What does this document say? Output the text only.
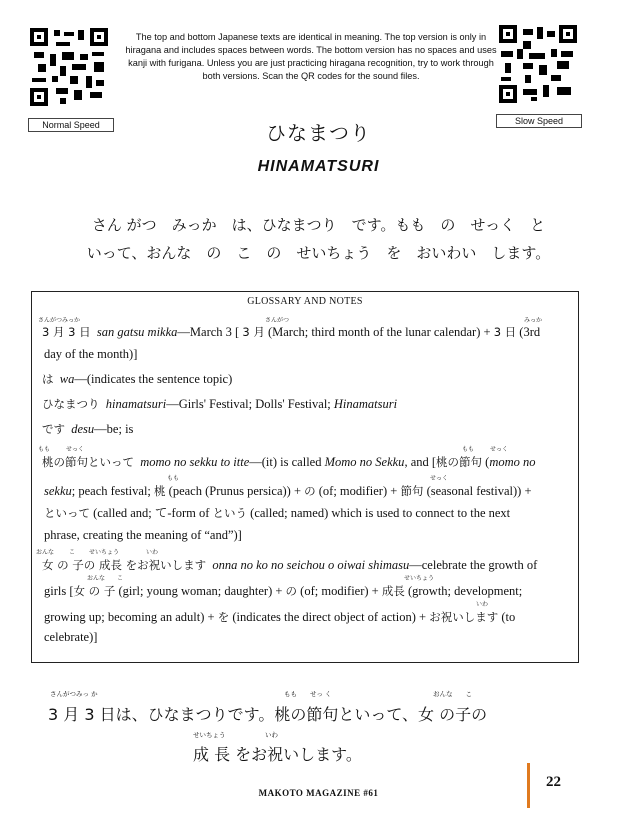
Normal Speed	Slow Speed
The top and bottom Japanese texts are identical in meaning. The top version is only in hiragana and includes spaces between words. The bottom version has no spaces and uses kanji with furigana. Unless you are just practicing hiragana recognition, try to work through both versions. Scan the QR codes for the sound files.
ひなまつり
HINAMATSURI
さん がつ　みっか　は、ひなまつり　です。もも　の　せっく　と
いって、おんな　の　こ　の　せいちょう　を　おいわい　します。
GLOSSARY AND NOTES
さんがつみっか	さんがつ	みっか
3 月 3 日 san gatsu mikka—March 3 [ 3 月 (March; third month of the lunar calendar) + 3 日 (3rd
day of the month)]
は wa—(indicates the sentence topic)
ひなまつり hinamatsuri—Girls' Festival; Dolls' Festival; Hinamatsuri
です desu—be; is
もも	せっく	もも	せっく
桃の節句といって momo no sekku to itte—(it) is called Momo no Sekku, and [桃の節句 (momo no
もも	せっく
sekku; peach festival; 桃 (peach (Prunus persica)) + の (of; modifier) + 節句 (seasonal festival)) +
といって (called and; て-form of という (called; named) which is used to connect to the next
phrase, creating the meaning of “and”)]
おんな こ せいちょう	いわ
女 の 子の 成長 をお祝いします onna no ko no seichou o oiwai shimasu—celebrate the growth of
おんな こ	せいちょう
girls [女 の 子 (girl; young woman; daughter) + の (of; modifier) + 成長 (growth; development;
いわ
growing up; becoming an adult) + を (indicates the direct object of action) + お祝いします (to
celebrate)]
さんがつみっ か	もも　　せっ く	おんな　　こ
3 月 3 日は、ひなまつりです。桃の節句といって、女 の子の
せいちょう	いわ
成 長 をお祝いします。
MAKOTO MAGAZINE #61
22
